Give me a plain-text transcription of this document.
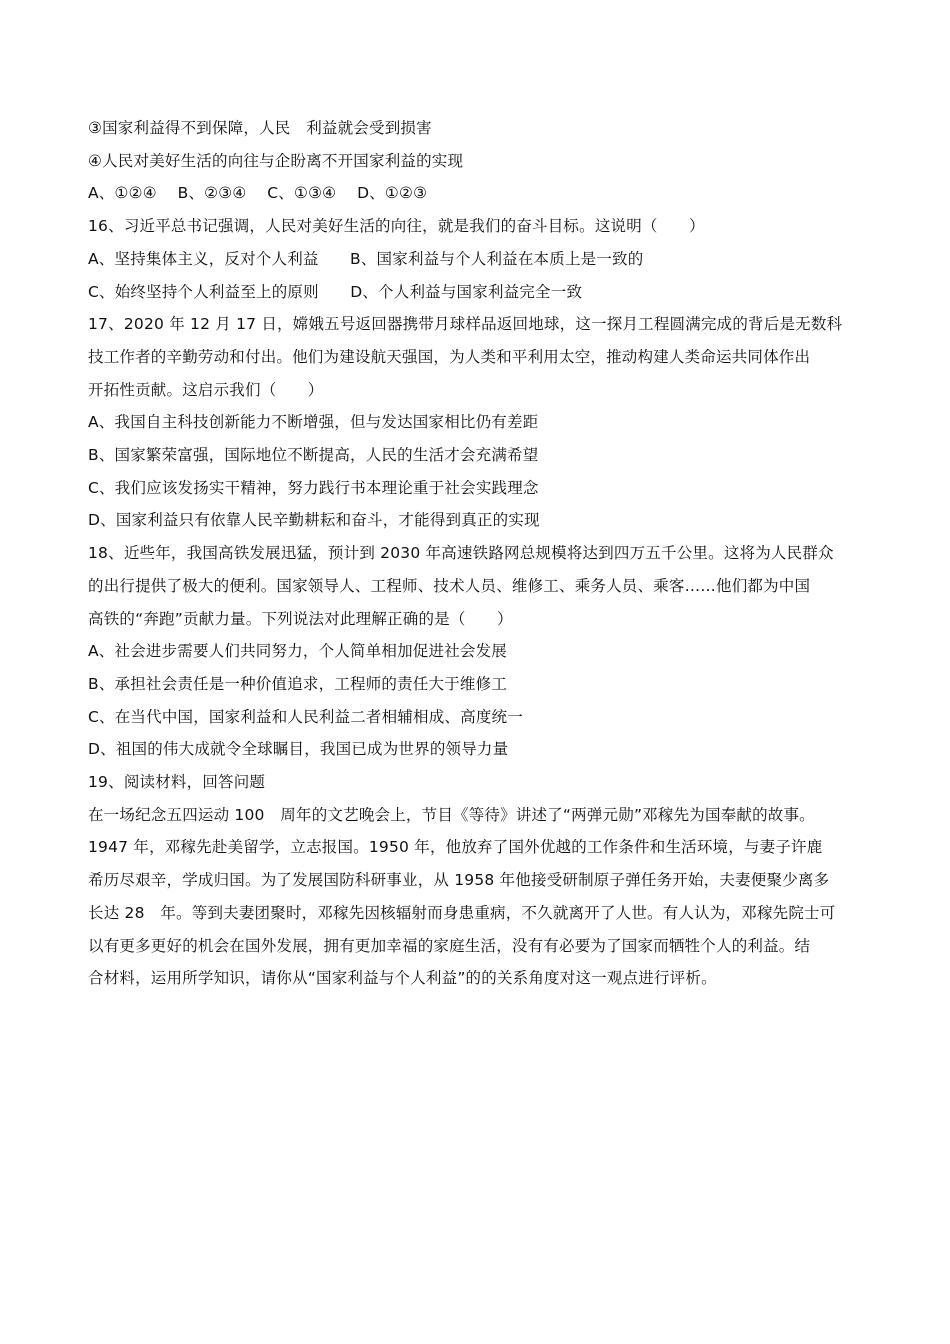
③国家利益得不到保障，人民　利益就会受到损害
④人民对美好生活的向往与企盼离不开国家利益的实现
A、①②④　 B、②③④　 C、①③④　 D、①②③
16、习近平总书记强调，人民对美好生活的向往，就是我们的奋斗目标。这说明（　　）
A、坚持集体主义，反对个人利益　　B、国家利益与个人利益在本质上是一致的
C、始终坚持个人利益至上的原则　　D、个人利益与国家利益完全一致
17、2020 年 12 月 17 日，嫦娥五号返回器携带月球样品返回地球，这一探月工程圆满完成的背后是无数科
技工作者的辛勤劳动和付出。他们为建设航天强国，为人类和平利用太空，推动构建人类命运共同体作出
开拓性贡献。这启示我们（　　）
A、我国自主科技创新能力不断增强，但与发达国家相比仍有差距
B、国家繁荣富强，国际地位不断提高，人民的生活才会充满希望
C、我们应该发扬实干精神，努力践行书本理论重于社会实践理念
D、国家利益只有依靠人民辛勤耕耘和奋斗，才能得到真正的实现
18、近些年，我国高铁发展迅猛，预计到 2030 年高速铁路网总规模将达到四万五千公里。这将为人民群众
的出行提供了极大的便利。国家领导人、工程师、技术人员、维修工、乘务人员、乘客……他们都为中国
高铁的“奔跑”贡献力量。下列说法对此理解正确的是（　　）
A、社会进步需要人们共同努力，个人简单相加促进社会发展
B、承担社会责任是一种价值追求，工程师的责任大于维修工
C、在当代中国，国家利益和人民利益二者相辅相成、高度统一
D、祖国的伟大成就令全球瞩目，我国已成为世界的领导力量
19、阅读材料，回答问题
在一场纪念五四运动 100　周年的文艺晚会上，节目《等待》讲述了“两弹元勋”邓稼先为国奉献的故事。
1947 年，邓稼先赴美留学，立志报国。1950 年，他放弃了国外优越的工作条件和生活环境，与妻子许鹿
希历尽艰辛，学成归国。为了发展国防科研事业，从 1958 年他接受研制原子弹任务开始，夫妻便聚少离多
长达 28　年。等到夫妻团聚时，邓稼先因核辐射而身患重病，不久就离开了人世。有人认为，邓稼先院士可
以有更多更好的机会在国外发展，拥有更加幸福的家庭生活，没有有必要为了国家而牺牲个人的利益。结
合材料，运用所学知识，请你从“国家利益与个人利益”的的关系角度对这一观点进行评析。
